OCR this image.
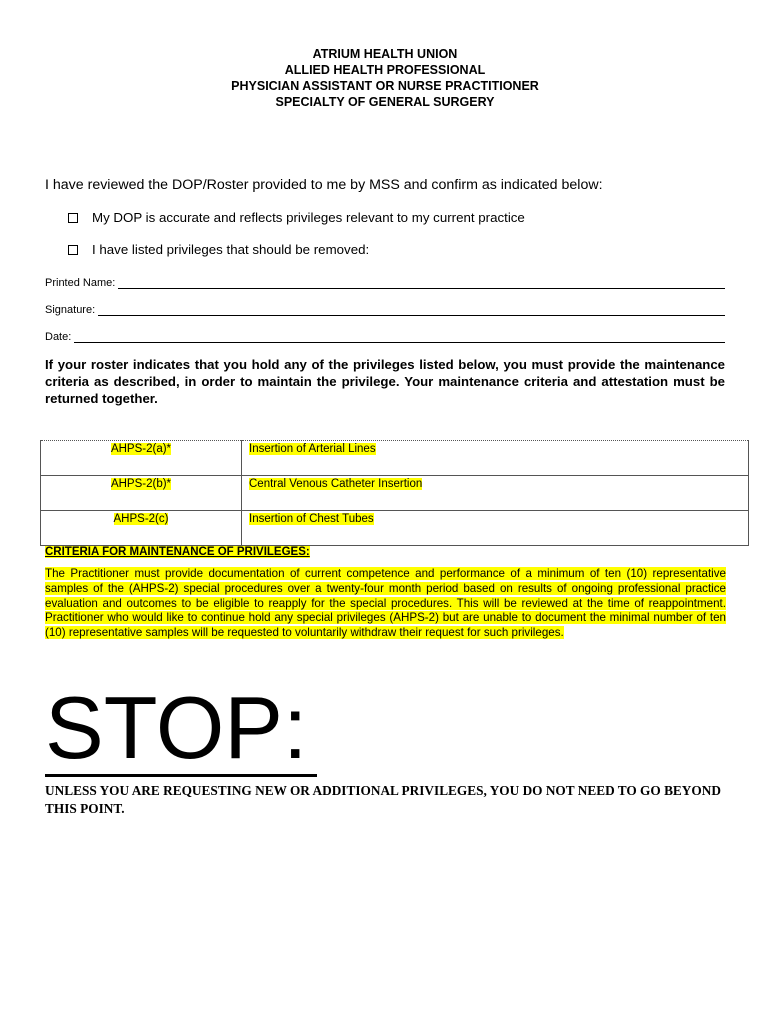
ATRIUM HEALTH UNION
ALLIED HEALTH PROFESSIONAL
PHYSICIAN ASSISTANT OR NURSE PRACTITIONER
SPECIALTY OF GENERAL SURGERY
I have reviewed the DOP/Roster provided to me by MSS and confirm as indicated below:
My DOP is accurate and reflects privileges relevant to my current practice
I have listed privileges that should be removed:
Printed Name:
Signature:
Date:
If your roster indicates that you hold any of the privileges listed below, you must provide the maintenance criteria as described, in order to maintain the privilege. Your maintenance criteria and attestation must be returned together.
AHPS-2(a)*	Insertion of Arterial Lines
AHPS-2(b)*	Central Venous Catheter Insertion
AHPS-2(c)	Insertion of Chest Tubes
CRITERIA FOR MAINTENANCE OF PRIVILEGES:
The Practitioner must provide documentation of current competence and performance of a minimum of ten (10) representative samples of the (AHPS-2) special procedures over a twenty-four month period based on results of ongoing professional practice evaluation and outcomes to be eligible to reapply for the special procedures. This will be reviewed at the time of reappointment. Practitioner who would like to continue hold any special privileges (AHPS-2) but are unable to document the minimal number of ten (10) representative samples will be requested to voluntarily withdraw their request for such privileges.
STOP:
UNLESS YOU ARE REQUESTING NEW OR ADDITIONAL PRIVILEGES, YOU DO NOT NEED TO GO BEYOND THIS POINT.
